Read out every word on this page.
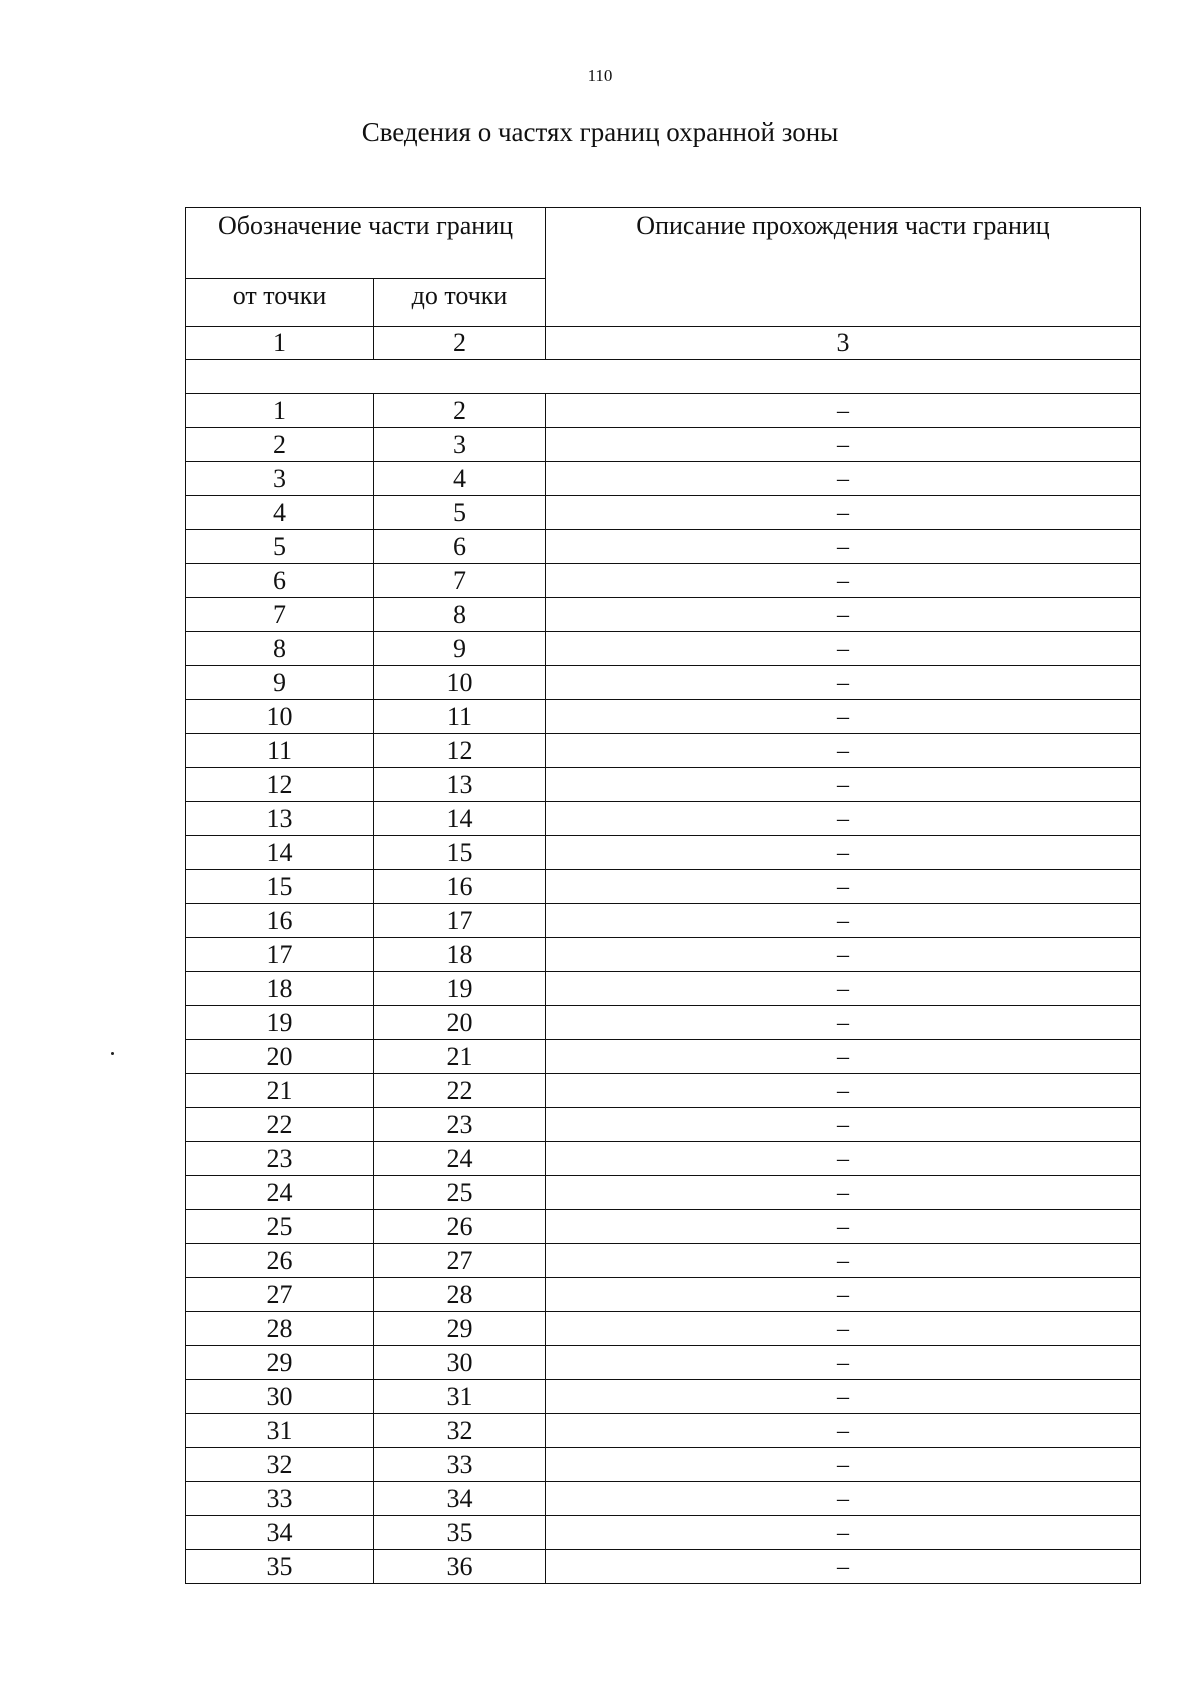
110
Сведения о частях границ охранной зоны
Обозначение части границ		Описание прохождения части границ
от точки	до точки	
1	2	3

1	2	–
2	3	–
3	4	–
4	5	–
5	6	–
6	7	–
7	8	–
8	9	–
9	10	–
10	11	–
11	12	–
12	13	–
13	14	–
14	15	–
15	16	–
16	17	–
17	18	–
18	19	–
19	20	–
20	21	–
21	22	–
22	23	–
23	24	–
24	25	–
25	26	–
26	27	–
27	28	–
28	29	–
29	30	–
30	31	–
31	32	–
32	33	–
33	34	–
34	35	–
35	36	–
